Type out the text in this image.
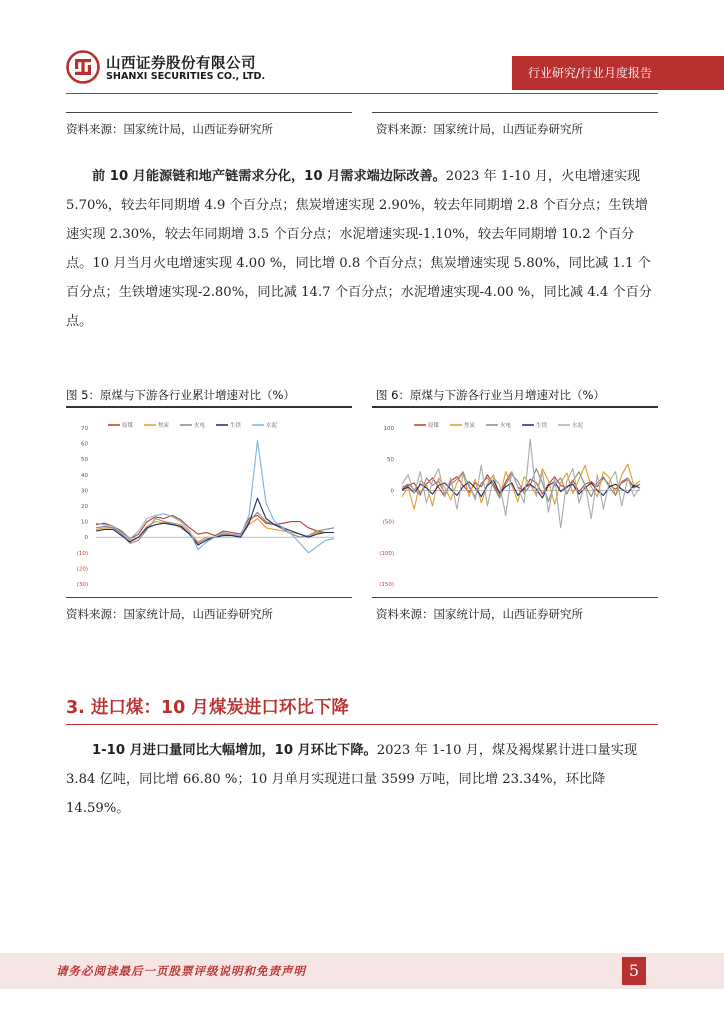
山西证券股份有限公司
SHANXI SECURITIES CO., LTD.	行业研究/行业月度报告
资料来源：国家统计局，山西证券研究所	资料来源：国家统计局，山西证券研究所

前 10 月能源链和地产链需求分化，10 月需求端边际改善。2023 年 1-10 月，火电增速实现 5.70%，较去年同期增 4.9 个百分点；焦炭增速实现 2.90%，较去年同期增 2.8 个百分点；生铁增速实现 2.30%，较去年同期增 3.5 个百分点；水泥增速实现-1.10%，较去年同期增 10.2 个百分点。10 月当月火电增速实现 4.00 %，同比增 0.8 个百分点；焦炭增速实现 5.80%，同比减 1.1 个百分点；生铁增速实现-2.80%，同比减 14.7 个百分点；水泥增速实现-4.00 %，同比减 4.4 个百分点。

图 5：原煤与下游各行业累计增速对比（%）
原煤	焦炭	火电	生铁	水泥
70
60
50
40
30
20
10
0
(10)
(20)
(30)
资料来源：国家统计局，山西证券研究所
图 6：原煤与下游各行业当月增速对比（%）
原煤	焦炭	火电	生铁	水泥
100
50
0
(50)
(100)
(150)
资料来源：国家统计局，山西证券研究所
3. 进口煤：10 月煤炭进口环比下降

1-10 月进口量同比大幅增加，10 月环比下降。2023 年 1-10 月，煤及褐煤累计进口量实现 3.84 亿吨，同比增 66.80 %；10 月单月实现进口量 3599 万吨，同比增 23.34%，环比降 14.59%。

请务必阅读最后一页股票评级说明和免责声明	5
